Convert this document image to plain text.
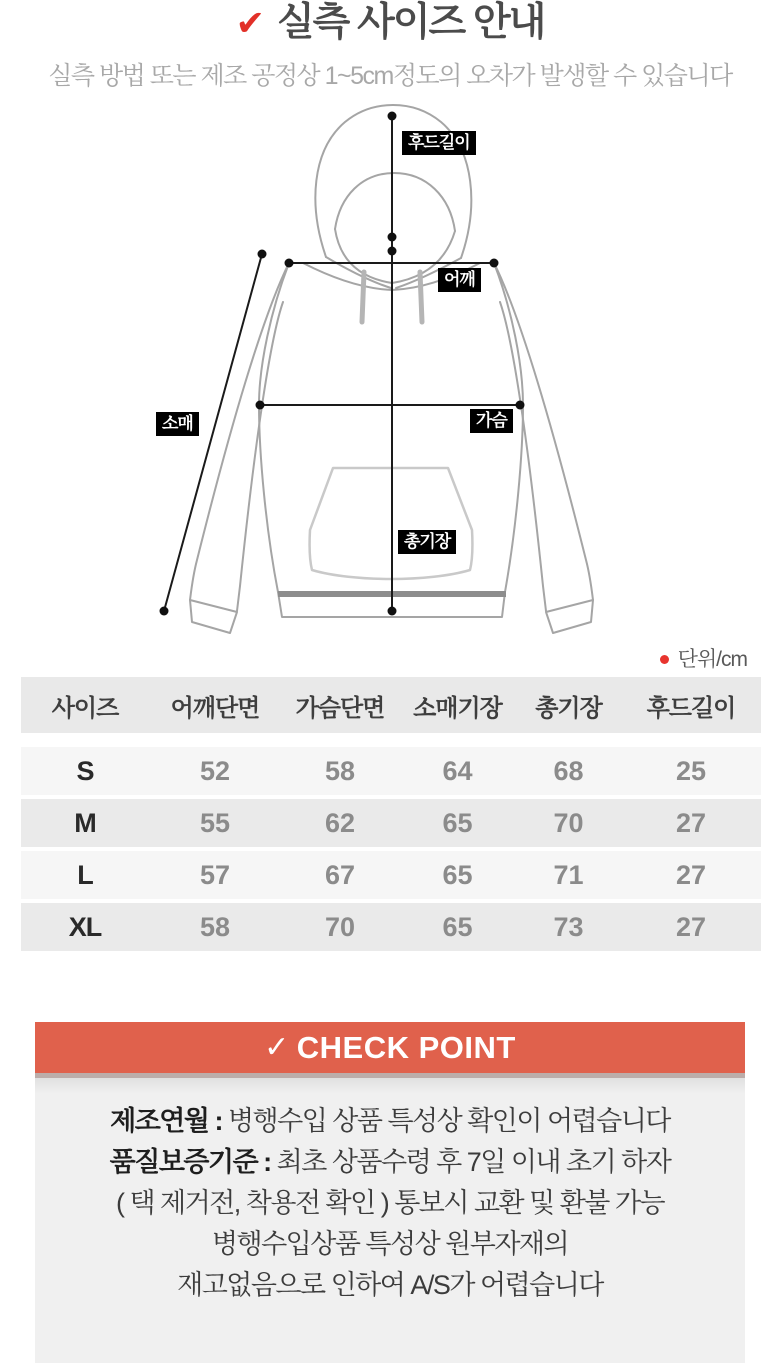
✔ 실측 사이즈 안내
실측 방법 또는 제조 공정상 1~5cm정도의 오차가 발생할 수 있습니다
후드길이
어깨
소매	가슴
총기장
단위/cm
사이즈	어깨단면	가슴단면	소매기장	총기장	후드길이
S	52	58	64	68	25
M	55	62	65	70	27
L	57	67	65	71	27
XL	58	70	65	73	27
✓ CHECK POINT
제조연월 : 병행수입 상품 특성상 확인이 어렵습니다
품질보증기준 : 최초 상품수령 후 7일 이내 초기 하자
( 택 제거전, 착용전 확인 ) 통보시 교환 및 환불 가능
병행수입상품 특성상 원부자재의
재고없음으로 인하여 A/S가 어렵습니다
